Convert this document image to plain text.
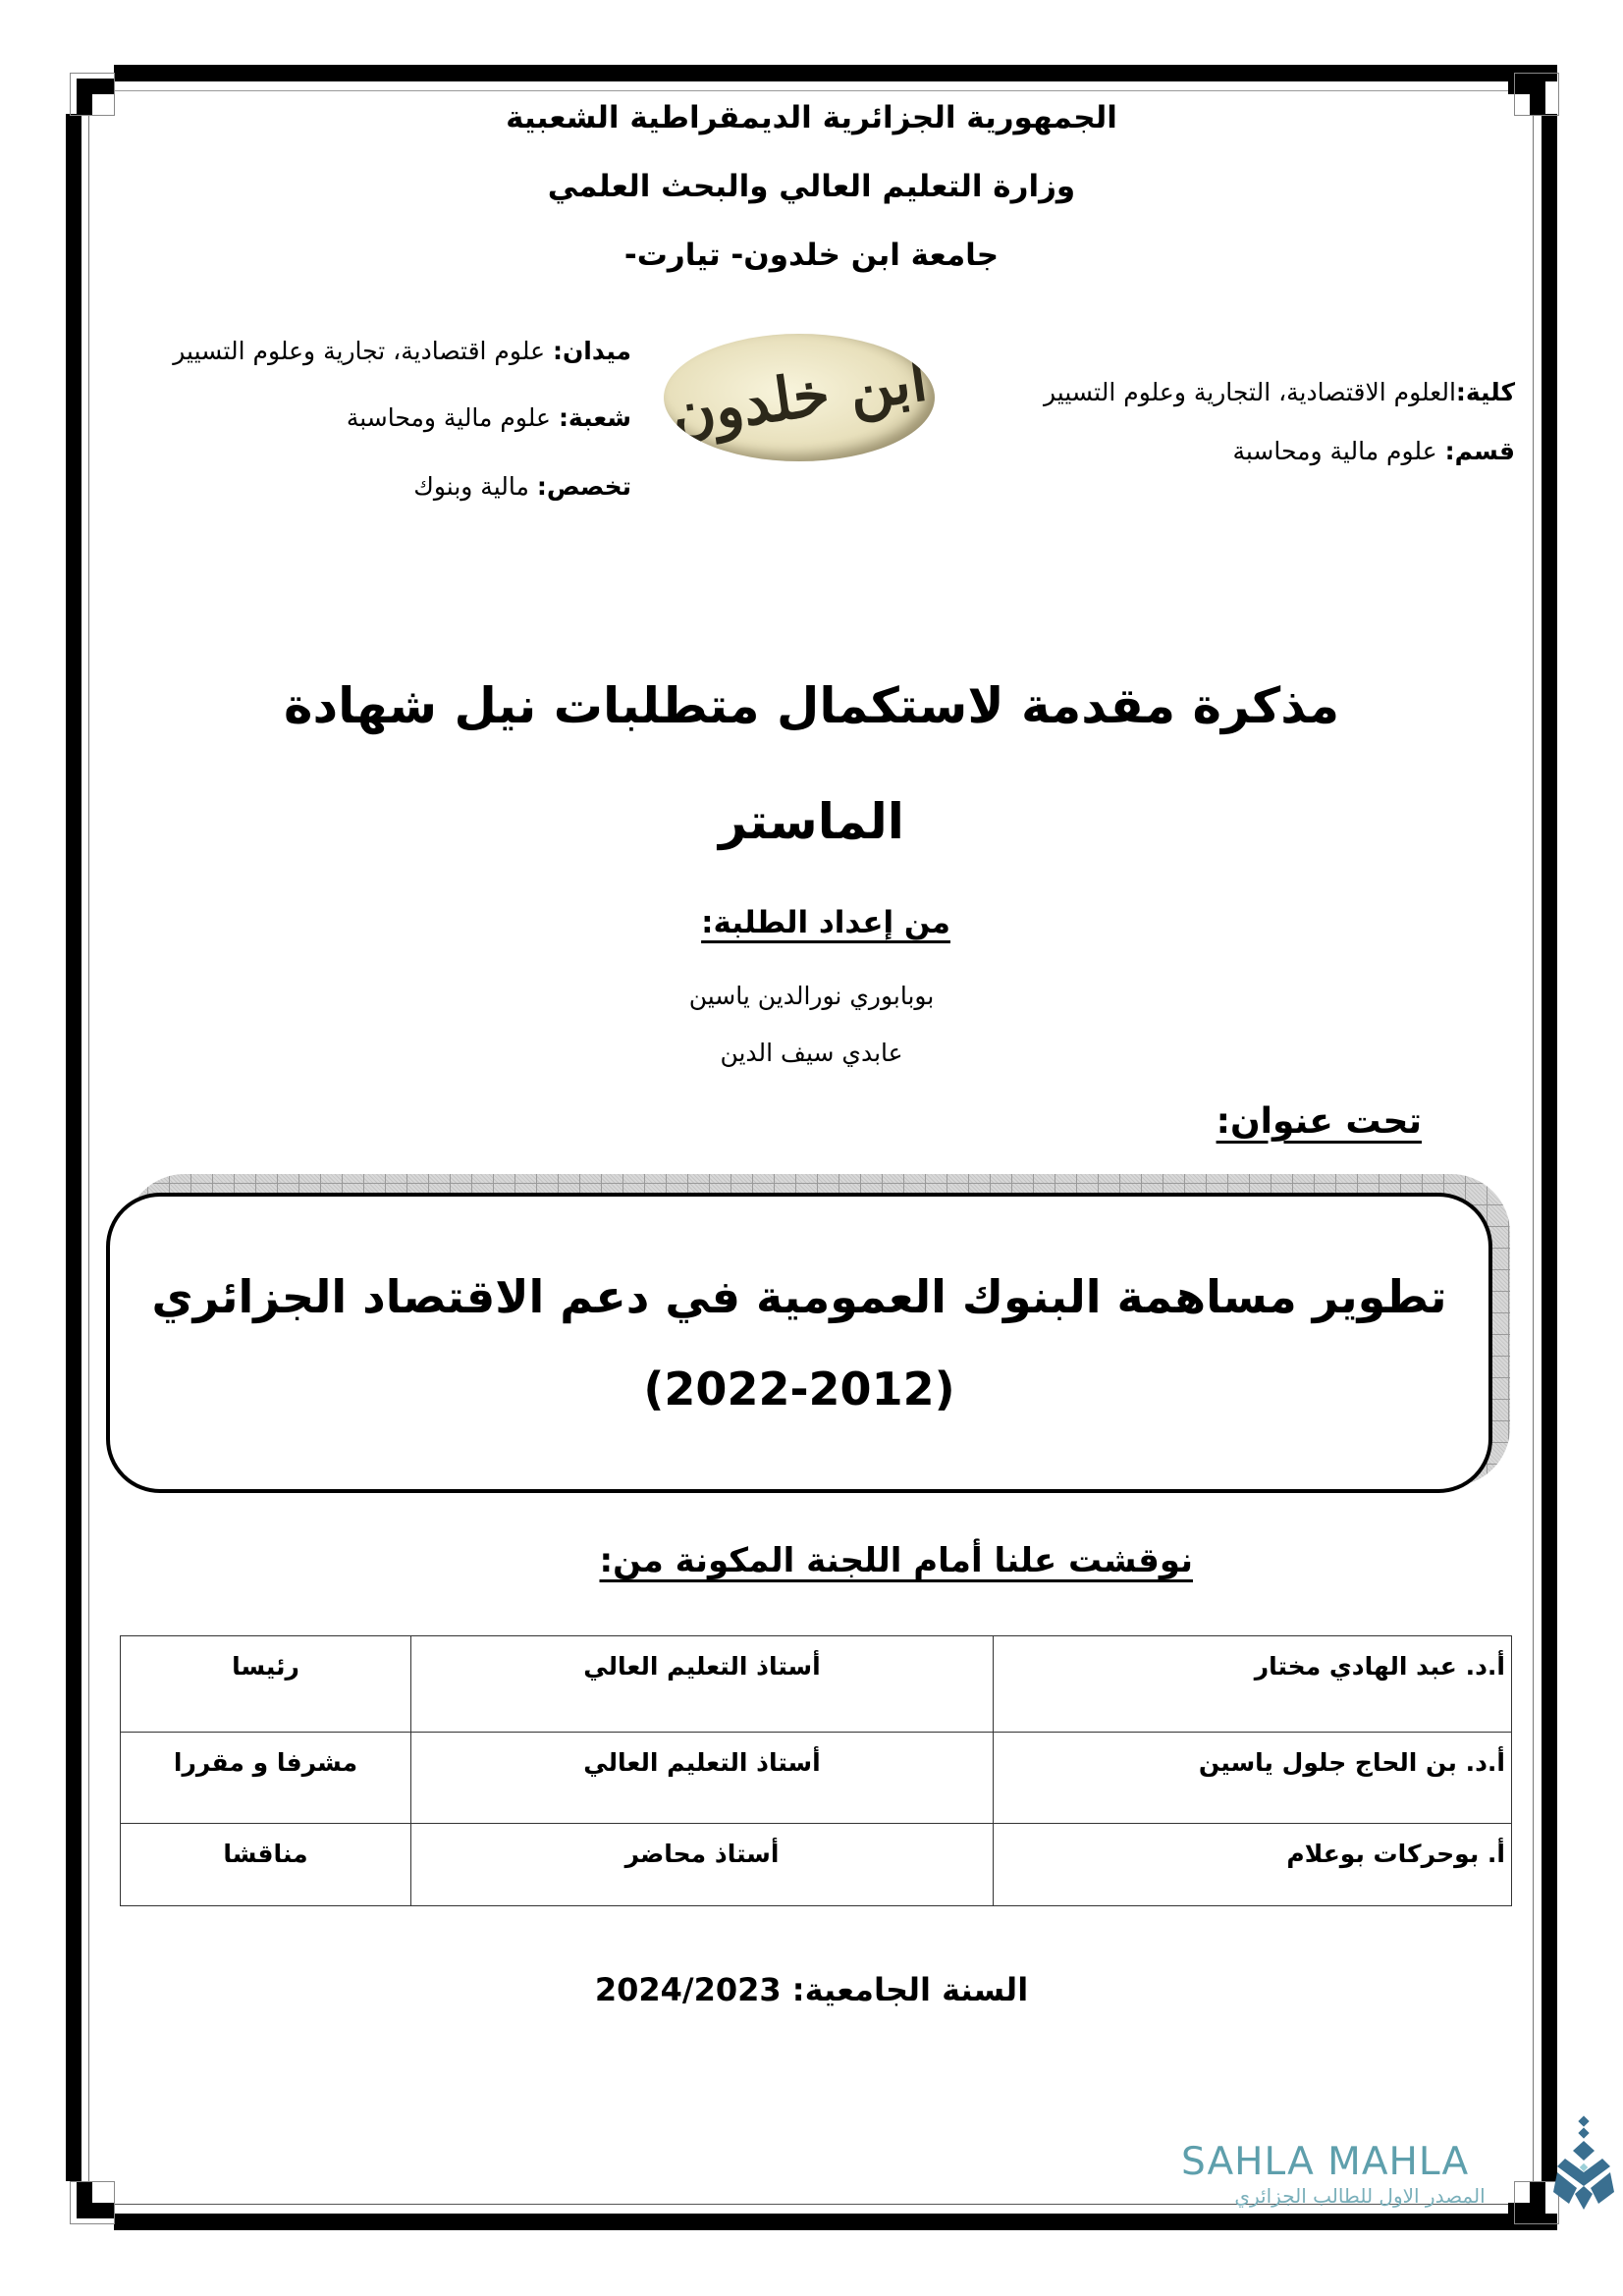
الجمهورية الجزائرية الديمقراطية الشعبية
وزارة التعليم العالي والبحث العلمي
جامعة ابن خلدون- تيارت-
كلية:العلوم الاقتصادية، التجارية وعلوم التسيير
قسم: علوم مالية ومحاسبة
ابن خلدون
ميدان: علوم اقتصادية، تجارية وعلوم التسيير
شعبة: علوم مالية ومحاسبة
تخصص: مالية وبنوك
مذكرة مقدمة لاستكمال متطلبات نيل شهادة
الماستر
من إعداد الطلبة:
بوبابوري نورالدين ياسين
عابدي سيف الدين
تحت عنوان:
تطوير مساهمة البنوك العمومية في دعم الاقتصاد الجزائري
(2022-2012)
نوقشت علنا أمام اللجنة المكونة من:
أ.د. عبد الهادي مختار	أستاذ التعليم العالي	رئيسا
أ.د. بن الحاج جلول ياسين	أستاذ التعليم العالي	مشرفا و مقررا
أ. بوحركات بوعلام	أستاذ محاضر	مناقشا
السنة الجامعية: 2024/2023
SAHLA MAHLA
المصدر الاول للطالب الجزائري
